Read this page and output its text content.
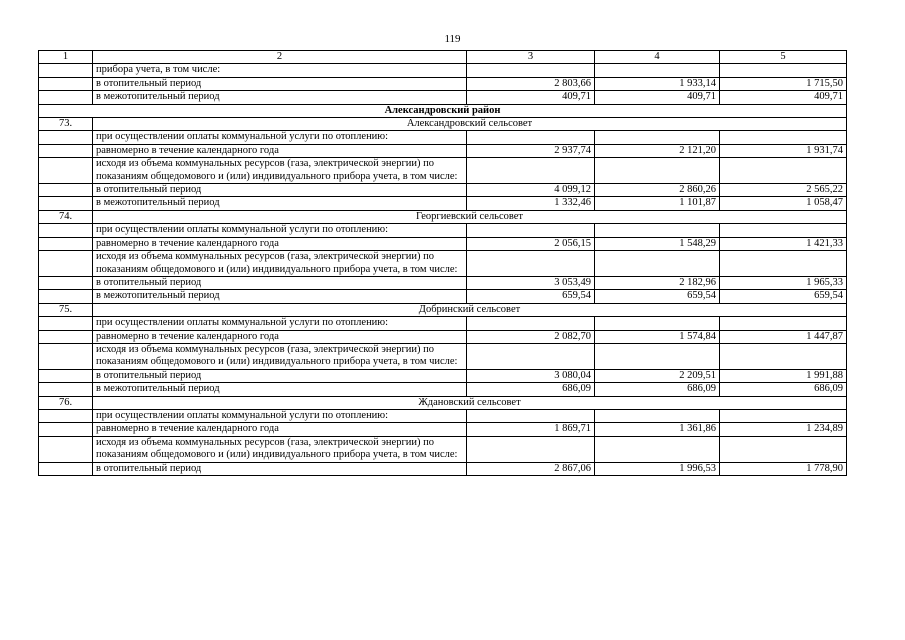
119
1	2	3	4	5
	прибора учета, в том числе:			
	в отопительный период	2 803,66	1 933,14	1 715,50
	в межотопительный период	409,71	409,71	409,71
Александровский район				
73.	Александровский сельсовет			
	при осуществлении оплаты коммунальной услуги по отоплению:			
	равномерно в течение календарного года	2 937,74	2 121,20	1 931,74
	исходя из объема коммунальных ресурсов (газа, электрической энергии) по показаниям общедомового и (или) индивидуального прибора учета, в том числе:			
	в отопительный период	4 099,12	2 860,26	2 565,22
	в межотопительный период	1 332,46	1 101,87	1 058,47
74.	Георгиевский сельсовет			
	при осуществлении оплаты коммунальной услуги по отоплению:			
	равномерно в течение календарного года	2 056,15	1 548,29	1 421,33
	исходя из объема коммунальных ресурсов (газа, электрической энергии) по показаниям общедомового и (или) индивидуального прибора учета, в том числе:			
	в отопительный период	3 053,49	2 182,96	1 965,33
	в межотопительный период	659,54	659,54	659,54
75.	Добринский сельсовет			
	при осуществлении оплаты коммунальной услуги по отоплению:			
	равномерно в течение календарного года	2 082,70	1 574,84	1 447,87
	исходя из объема коммунальных ресурсов (газа, электрической энергии) по показаниям общедомового и (или) индивидуального прибора учета, в том числе:			
	в отопительный период	3 080,04	2 209,51	1 991,88
	в межотопительный период	686,09	686,09	686,09
76.	Ждановский сельсовет			
	при осуществлении оплаты коммунальной услуги по отоплению:			
	равномерно в течение календарного года	1 869,71	1 361,86	1 234,89
	исходя из объема коммунальных ресурсов (газа, электрической энергии) по показаниям общедомового и (или) индивидуального прибора учета, в том числе:			
	в отопительный период	2 867,06	1 996,53	1 778,90
